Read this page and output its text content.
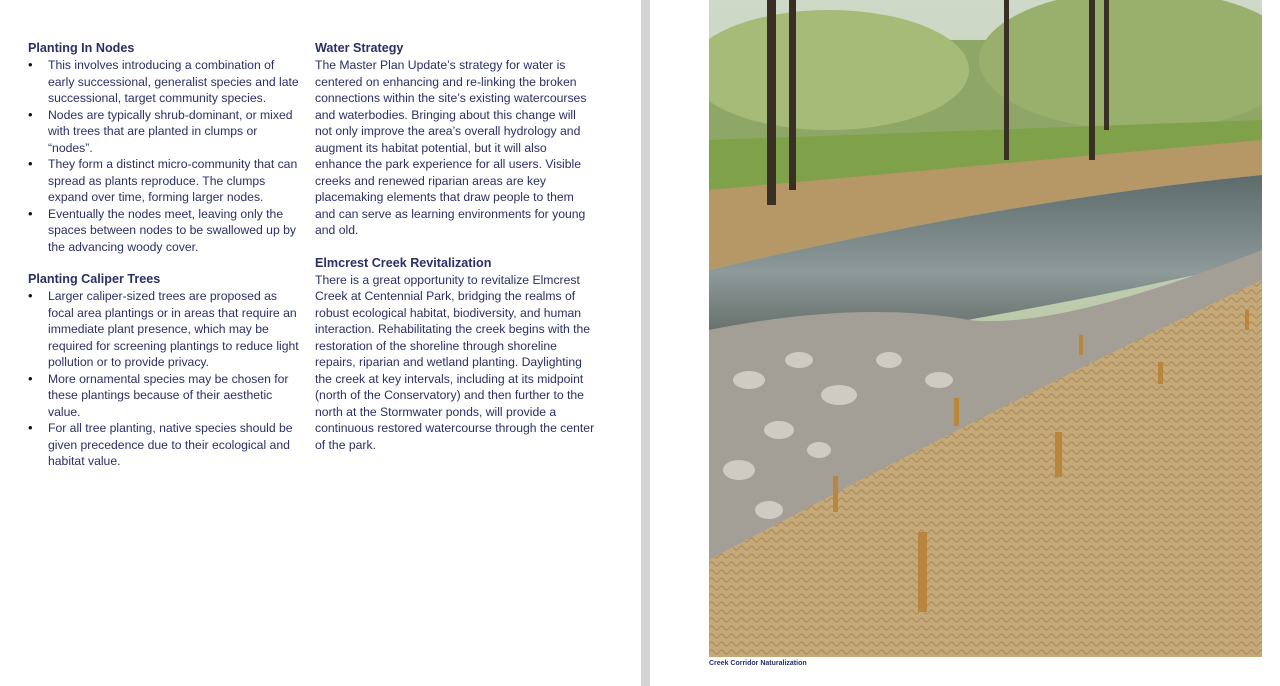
Planting In Nodes
• This involves introducing a combination of early successional, generalist species and late successional, target community species.
• Nodes are typically shrub-dominant, or mixed with trees that are planted in clumps or “nodes”.
• They form a distinct micro-community that can spread as plants reproduce. The clumps expand over time, forming larger nodes.
• Eventually the nodes meet, leaving only the spaces between nodes to be swallowed up by the advancing woody cover.
Planting Caliper Trees
• Larger caliper-sized trees are proposed as focal area plantings or in areas that require an immediate plant presence, which may be required for screening plantings to reduce light pollution or to provide privacy.
• More ornamental species may be chosen for these plantings because of their aesthetic value.
• For all tree planting, native species should be given precedence due to their ecological and habitat value.
Water Strategy

The Master Plan Update’s strategy for water is centered on enhancing and re-linking the broken connections within the site’s existing watercourses and waterbodies. Bringing about this change will not only improve the area’s overall hydrology and augment its habitat potential, but it will also enhance the park experience for all users. Visible creeks and renewed riparian areas are key placemaking elements that draw people to them and can serve as learning environments for young and old.

Elmcrest Creek Revitalization

There is a great opportunity to revitalize Elmcrest Creek at Centennial Park, bridging the realms of robust ecological habitat, biodiversity, and human interaction. Rehabilitating the creek begins with the restoration of the shoreline through shoreline repairs, riparian and wetland planting. Daylighting the creek at key intervals, including at its midpoint (north of the Conservatory) and then further to the north at the Stormwater ponds, will provide a continuous restored watercourse through the center of the park.

Creek Corridor Naturalization
